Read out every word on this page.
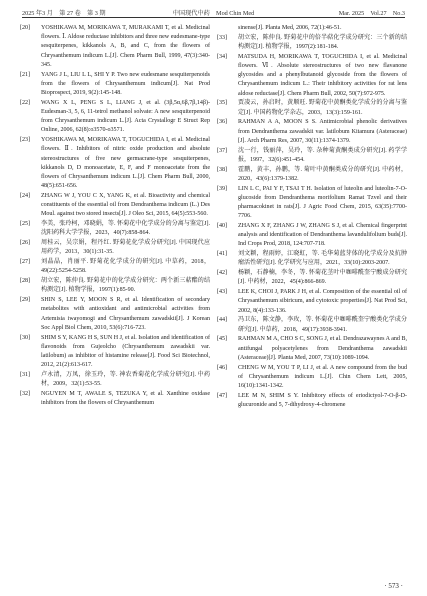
2025 年3 月　第 27 卷　第 3 期	中国现代中药　Mod Chin Med	Mar. 2025　Vol.27　No.3
[20] YOSHIKAWA M, MORIKAWA T, MURAKAMI T, et al. Medicinal flowers. Ⅰ. Aldose reductase inhibitors and three new eudesmane-type sesquiterpenes, kikkanols A, B, and C, from the flowers of Chrysanthemum indicum L.[J]. Chem Pharm Bull, 1999, 47(3):340-345.
[21] YANG J L, LIU L L, SHI Y P. Two new eudesmane sesquiterpenoids from the flowers of Chrysanthemum indicum[J]. Nat Prod Bioprospect, 2019, 9(2):145-148.
[22] WANG X L, PENG S L, LIANG J, et al. (3β,5α,6β,7β,14β)-Eudesman-3, 5, 6, 11-tetrol methanol solvate: A new sesquiterpenoid from Chrysanthemum indicum L.[J]. Acta Crystallogr E Struct Rep Online, 2006, 62(8):o3570-o3571.
[23] YOSHIKAWA M, MORIKAWA T, TOGUCHIDA I, et al. Medicinal flowers. Ⅱ. Inhibitors of nitric oxide production and absolute stereostructures of five new germacrane-type sesquiterpenes, kikkanols D, D monoacetate, E, F, and F monoacetate from the flowers of Chrysanthemum indicum L.[J]. Chem Pharm Bull, 2000, 48(5):651-656.
[24] ZHANG W J, YOU C X, YANG K, et al. Bioactivity and chemical constituents of the essential oil from Dendranthema indicum (L.) Des Moul. against two stored insects[J]. J Oleo Sci, 2015, 64(5):553-560.
[25] 李美，张玲柯，邓晓娟，等. 怀菊花中化学成分的分离与鉴定[J]. 沈阳药科大学学报，2023，40(7):858-864.
[26] 周桂云，吴宗娟，程丹红. 野菊花化学成分研究[J]. 中国现代应用药学，2013，30(1):31-35.
[27] 刘晶晶，肖丽平. 野菊花化学成分的研究[J]. 中草药，2018，49(22):5254-5258.
[28] 胡立宏，陈仲良. 野菊花中的化学成分研究：两个新三萜酯的结构测定[J]. 植物学报，1997(1):85-90.
[29] SHIN S, LEE Y, MOON S R, et al. Identification of secondary metabolites with antioxidant and antimicrobial activities from Artemisia iwayomogi and Chrysanthemum zawadskii[J]. J Korean Soc Appl Biol Chem, 2010, 53(6):716-723.
[30] SHIM S Y, KANG H S, SUN H J, et al. Isolation and identification of flavonoids from Gujeolcho (Chrysanthemum zawadskii var. latilobum) as inhibitor of histamine release[J]. Food Sci Biotechnol, 2012, 21(2):613-617.
[31] 卢永清，万凤，徐玉玲，等. 神农香菊花化学成分研究[J]. 中药材，2009，32(1):53-55.
[32] NGUYEN M T, AWALE S, TEZUKA Y, et al. Xanthine oxidase inhibitors from the flowers of Chrysanthemum
sinense[J]. Planta Med, 2006, 72(1):46-51.
[33] 胡立宏，陈仲良. 野菊花中的倍半萜化学成分研究：三个新的结构测定[J]. 植物学报，1997(2):181-184.
[34] MATSUDA H, MORIKAWA T, TOGUCHIDA I, et al. Medicinal flowers. Ⅵ. Absolute stereostructures of two new flavanone glycosides and a phenylbutanoid glycoside from the flowers of Chrysanthemum indicum L.: Their inhibitory activities for rat lens aldose reductase[J]. Chem Pharm Bull, 2002, 50(7):972-975.
[35] 贾凌云，孙启时，黄顺旺. 野菊花中黄酮类化学成分的分离与鉴定[J]. 中国药物化学杂志，2003，13(3):159-161.
[36] RAHMAN A A, MOON S S. Antimicrobial phenolic derivatives from Dendranthema zawadskii var. latilobum Kitamura (Asteraceae)[J]. Arch Pharm Res, 2007, 30(11):1374-1379.
[37] 沈一行，钱丽萍，吴玲，等. 杂种菊黄酮类成分研究[J]. 药学学报，1997，32(6):451-454.
[38] 霍鹏，黄丰，孙鹏，等. 菊叶中黄酮类成分的研究[J]. 中药材，2020，43(6):1379-1382.
[39] LIN L C, PAI Y F, TSAI T H. Isolation of luteolin and luteolin-7-O-glucoside from Dendranthema morifolium Ramat Tzvel and their pharmacokinet in rats[J]. J Agric Food Chem, 2015, 63(35):7700-7706.
[40] ZHANG X F, ZHANG J W, ZHANG S J, et al. Chemical fingerprint analysis and identification of Dendranthema lavandulifolium buds[J]. Ind Crops Prod, 2018, 124:707-718.
[41] 刘文颖，程雨婷，江晓虹，等. 毛华菊蓝芽体的化学成分及抗肿瘤活性研究[J]. 化学研究与应用，2021，33(10):2003-2007.
[42] 杨颖，石静楠，李冬，等. 怀菊花茎叶中咖啡酰奎宁酸成分研究[J]. 中药材，2022，45(4):866-869.
[43] LEE K, CHOI J, PARK J H, et al. Composition of the essential oil of Chrysanthemum sibiricum, and cytotoxic properties[J]. Nat Prod Sci, 2002, 8(4):133-136.
[44] 冯卫东，陈文静，李玫，等. 怀菊花中咖啡酰奎宁酸类化学成分研究[J]. 中草药，2018，49(17):3938-3941.
[45] RAHMAN M A, CHO S C, SONG J, et al. Dendrazawaynes A and B, antifungal polyacetylenes from Dendranthema zawadskii (Asteraceae)[J]. Planta Med, 2007, 73(10):1089-1094.
[46] CHENG W M, YOU T P, LI J, et al. A new compound from the bud of Chrysanthemum indicum L.[J]. Chin Chem Lett, 2005, 16(10):1341-1342.
[47] LEE M N, SHIM S Y. Inhibitory effects of eriodictyol-7-O-β-D-glucuronide and 5, 7-dihydroxy-4-chromene
· 573 ·
